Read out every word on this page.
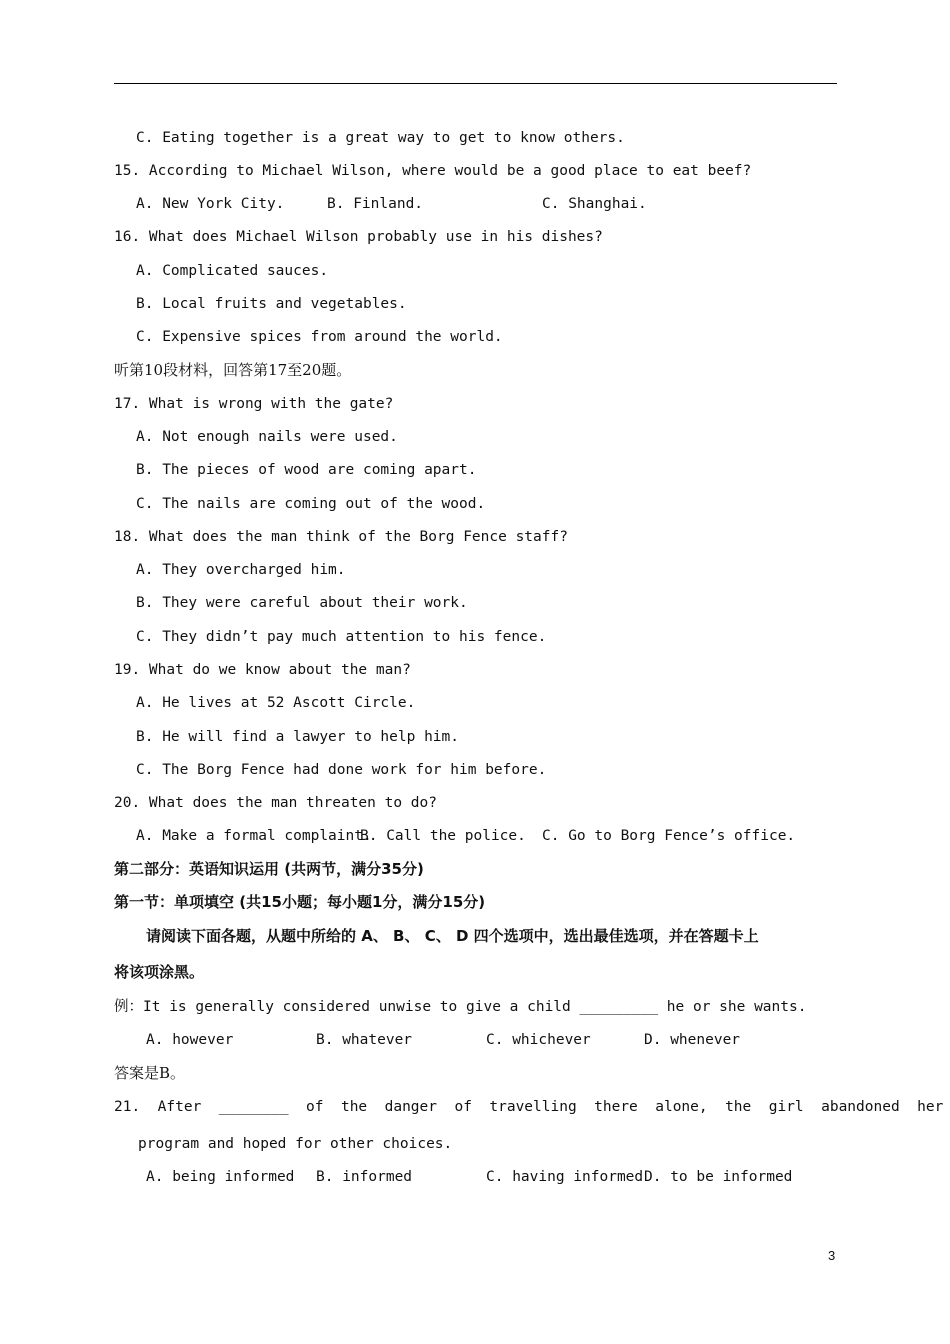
C. Eating together is a great way to get to know others.
15. According to Michael Wilson, where would be a good place to eat beef?
A. New York City.	B. Finland.	C. Shanghai.
16. What does Michael Wilson probably use in his dishes?
A. Complicated sauces.
B. Local fruits and vegetables.
C. Expensive spices from around the world.
听第10段材料，回答第17至20题。
17. What is wrong with the gate?
A. Not enough nails were used.
B. The pieces of wood are coming apart.
C. The nails are coming out of the wood.
18. What does the man think of the Borg Fence staff?
A. They overcharged him.
B. They were careful about their work.
C. They didn’t pay much attention to his fence.
19. What do we know about the man?
A. He lives at 52 Ascott Circle.
B. He will find a lawyer to help him.
C. The Borg Fence had done work for him before.
20. What does the man threaten to do?
A. Make a formal complaint.
B. Call the police. C. Go to Borg Fence’s office.
第二部分：英语知识运用 (共两节，满分35分)
第一节：单项填空 (共15小题；每小题1分，满分15分)
请阅读下面各题，从题中所给的 A、 B、 C、 D 四个选项中，选出最佳选项，并在答题卡上
将该项涂黑。
例：It is generally considered unwise to give a child _________ he or she wants.
A. however	B. whatever	C. whichever	D. whenever
答案是B。
21.  After  ________  of  the  danger  of  travelling  there  alone,  the  girl  abandoned  her
program and hoped for other choices.
A. being informed B. informed	C. having informed D. to be informed
3
